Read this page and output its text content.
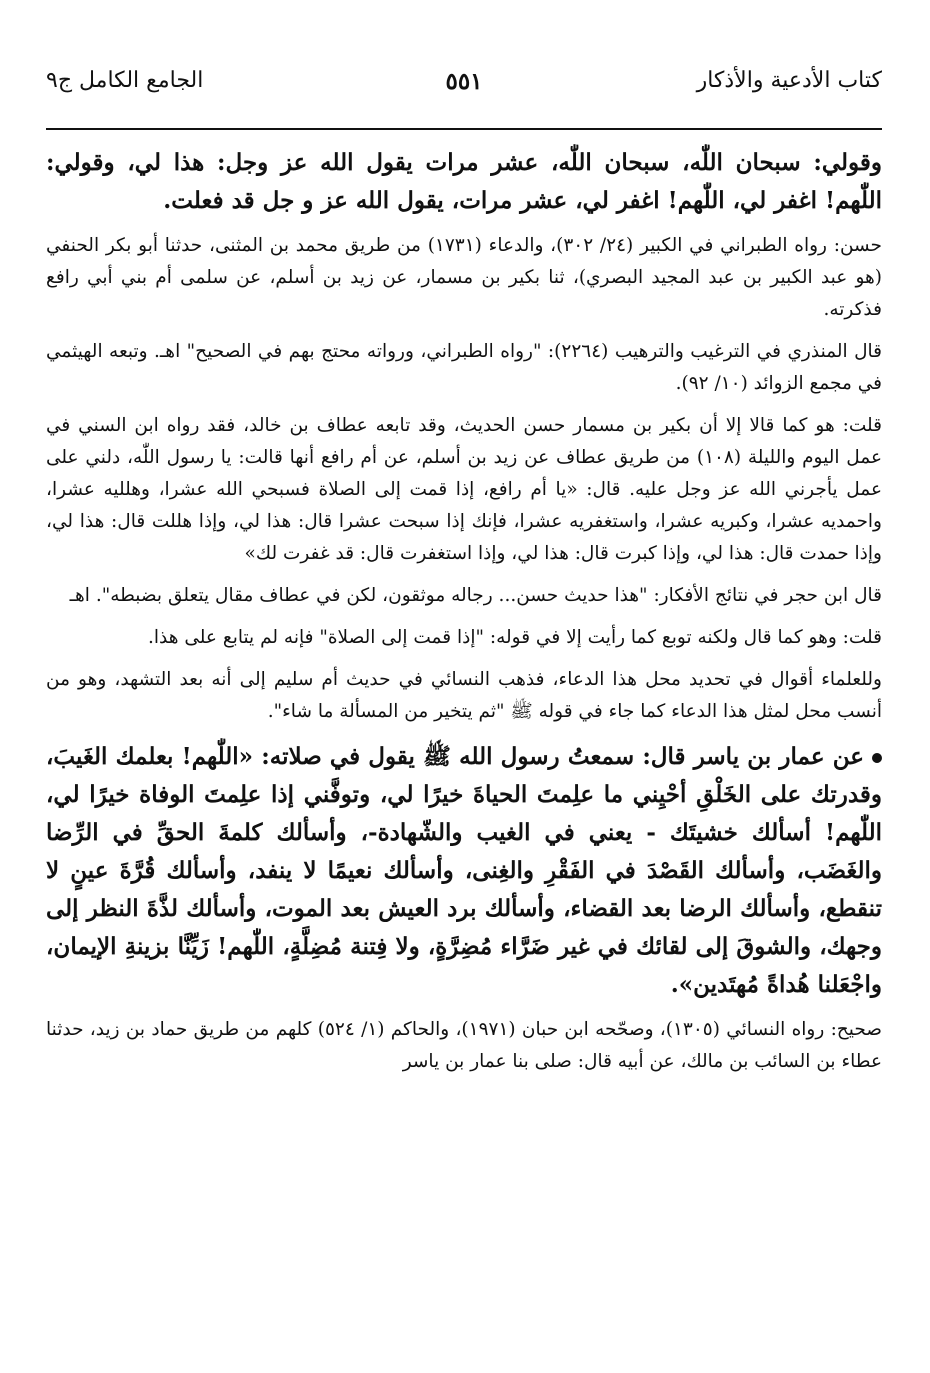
كتاب الأدعية والأذكار
٥٥١
الجامع الكامل ج٩

وقولي: سبحان اللّٰه، سبحان اللّٰه، عشر مرات يقول الله عز وجل: هذا لي، وقولي: اللّٰهم! اغفر لي، اللّٰهم! اغفر لي، عشر مرات، يقول الله عز و جل قد فعلت.

حسن: رواه الطبراني في الكبير (٢٤/ ٣٠٢)، والدعاء (١٧٣١) من طريق محمد بن المثنى، حدثنا أبو بكر الحنفي (هو عبد الكبير بن عبد المجيد البصري)، ثنا بكير بن مسمار، عن زيد بن أسلم، عن سلمى أم بني أبي رافع فذكرته.

قال المنذري في الترغيب والترهيب (٢٢٦٤): "رواه الطبراني، ورواته محتج بهم في الصحيح" اهـ. وتبعه الهيثمي في مجمع الزوائد (١٠/ ٩٢).

قلت: هو كما قالا إلا أن بكير بن مسمار حسن الحديث، وقد تابعه عطاف بن خالد، فقد رواه ابن السني في عمل اليوم والليلة (١٠٨) من طريق عطاف عن زيد بن أسلم، عن أم رافع أنها قالت: يا رسول اللّٰه، دلني على عمل يأجرني الله عز وجل عليه. قال: «يا أم رافع، إذا قمت إلى الصلاة فسبحي الله عشرا، وهلليه عشرا، واحمديه عشرا، وكبريه عشرا، واستغفريه عشرا، فإنك إذا سبحت عشرا قال: هذا لي، وإذا هللت قال: هذا لي، وإذا حمدت قال: هذا لي، وإذا كبرت قال: هذا لي، وإذا استغفرت قال: قد غفرت لك»

قال ابن حجر في نتائج الأفكار: "هذا حديث حسن... رجاله موثقون، لكن في عطاف مقال يتعلق بضبطه". اهـ

قلت: وهو كما قال ولكنه توبع كما رأيت إلا في قوله: "إذا قمت إلى الصلاة" فإنه لم يتابع على هذا.

وللعلماء أقوال في تحديد محل هذا الدعاء، فذهب النسائي في حديث أم سليم إلى أنه بعد التشهد، وهو من أنسب محل لمثل هذا الدعاء كما جاء في قوله ﷺ "ثم يتخير من المسألة ما شاء".

عن عمار بن ياسر قال: سمعتُ رسول الله ﷺ يقول في صلاته: «اللّٰهم! بعلمك الغَيبَ، وقدرتك على الخَلْقِ أحْيِني ما علِمتَ الحياةَ خيرًا لي، وتوفَّني إذا علِمتَ الوفاة خيرًا لي، اللّٰهم! أسألك خشيتَك - يعني في الغيب والشّهادة-، وأسألك كلمةَ الحقِّ في الرِّضا والغَضَب، وأسألك القَصْدَ في الفَقْرِ والغِنى، وأسألك نعيمًا لا ينفد، وأسألك قُرَّةَ عينٍ لا تنقطع، وأسألك الرضا بعد القضاء، وأسألك برد العيش بعد الموت، وأسألك لذَّةَ النظر إلى وجهك، والشوقَ إلى لقائك في غير ضَرَّاء مُضِرَّةٍ، ولا فِتنة مُضِلَّةٍ، اللّٰهم! زَيِّنَّا بزينةِ الإيمان، واجْعَلنا هُداةً مُهتَدين».

صحيح: رواه النسائي (١٣٠٥)، وصحّحه ابن حبان (١٩٧١)، والحاكم (١/ ٥٢٤) كلهم من طريق حماد بن زيد، حدثنا عطاء بن السائب بن مالك، عن أبيه قال: صلى بنا عمار بن ياسر
